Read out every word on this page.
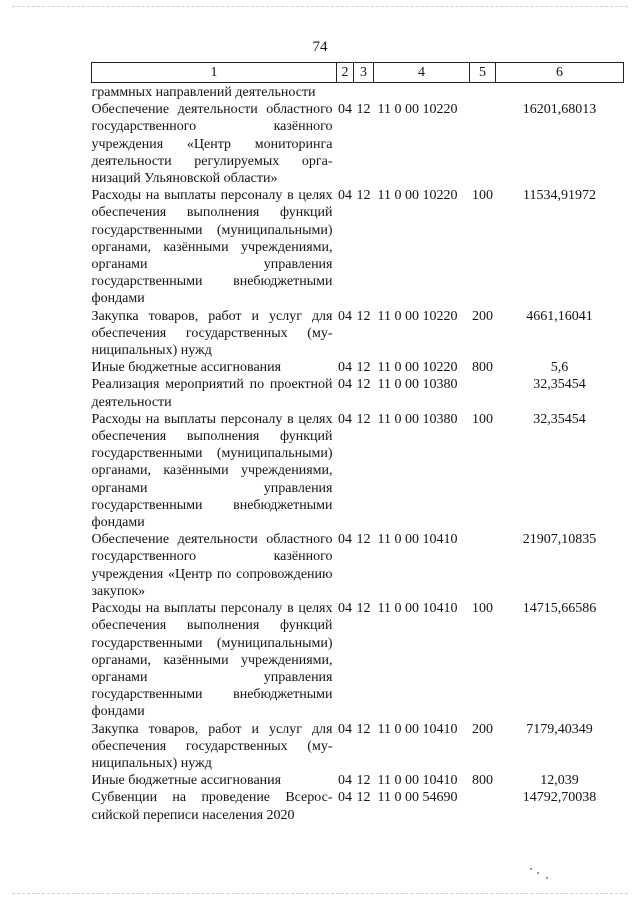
74
1	2	3	4	5	6
граммных направлений деятельности					
Обеспечение деятельности областного государственного казённого учреждения «Центр мониторинга деятельности регулируемых организаций Ульяновской области»	04	12	11 0 00 10220		16201,68013
Расходы на выплаты персоналу в целях обеспечения выполнения функций государственными (муниципальными) органами, казёнными учреждениями, органами управления государственными внебюджетными фондами	04	12	11 0 00 10220	100	11534,91972
Закупка товаров, работ и услуг для обеспечения государственных (муниципальных) нужд	04	12	11 0 00 10220	200	4661,16041
Иные бюджетные ассигнования	04	12	11 0 00 10220	800	5,6
Реализация мероприятий по проектной деятельности	04	12	11 0 00 10380		32,35454
Расходы на выплаты персоналу в целях обеспечения выполнения функций государственными (муниципальными) органами, казёнными учреждениями, органами управления государственными внебюджетными фондами	04	12	11 0 00 10380	100	32,35454
Обеспечение деятельности областного государственного казённого учреждения «Центр по сопровождению закупок»	04	12	11 0 00 10410		21907,10835
Расходы на выплаты персоналу в целях обеспечения выполнения функций государственными (муниципальными) органами, казёнными учреждениями, органами управления государственными внебюджетными фондами	04	12	11 0 00 10410	100	14715,66586
Закупка товаров, работ и услуг для обеспечения государственных (муниципальных) нужд	04	12	11 0 00 10410	200	7179,40349
Иные бюджетные ассигнования	04	12	11 0 00 10410	800	12,039
Субвенции на проведение Всероссийской переписи населения 2020	04	12	11 0 00 54690		14792,70038
